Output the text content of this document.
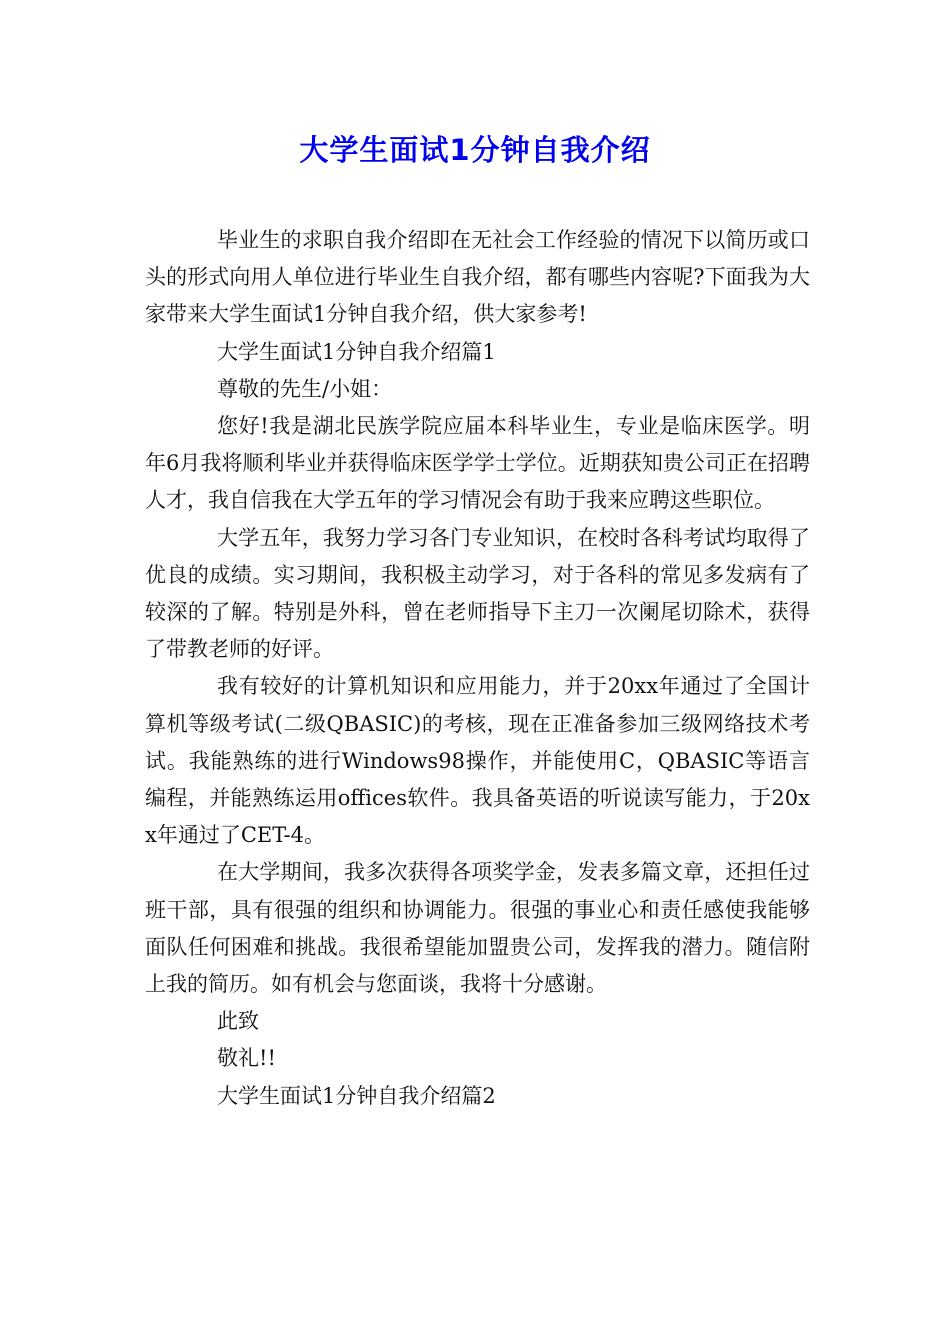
大学生面试1分钟自我介绍

毕业生的求职自我介绍即在无社会工作经验的情况下以简历或口头的形式向用人单位进行毕业生自我介绍，都有哪些内容呢?下面我为大家带来大学生面试1分钟自我介绍，供大家参考!

大学生面试1分钟自我介绍篇1

尊敬的先生/小姐：

您好!我是湖北民族学院应届本科毕业生，专业是临床医学。明年6月我将顺利毕业并获得临床医学学士学位。近期获知贵公司正在招聘人才，我自信我在大学五年的学习情况会有助于我来应聘这些职位。

大学五年，我努力学习各门专业知识，在校时各科考试均取得了优良的成绩。实习期间，我积极主动学习，对于各科的常见多发病有了较深的了解。特别是外科，曾在老师指导下主刀一次阑尾切除术，获得了带教老师的好评。

我有较好的计算机知识和应用能力，并于20xx年通过了全国计算机等级考试(二级QBASIC)的考核，现在正准备参加三级网络技术考试。我能熟练的进行Windows98操作，并能使用C，QBASIC等语言编程，并能熟练运用offices软件。我具备英语的听说读写能力，于20xx年通过了CET-4。

在大学期间，我多次获得各项奖学金，发表多篇文章，还担任过班干部，具有很强的组织和协调能力。很强的事业心和责任感使我能够面队任何困难和挑战。我很希望能加盟贵公司，发挥我的潜力。随信附上我的简历。如有机会与您面谈，我将十分感谢。

此致

敬礼!!

大学生面试1分钟自我介绍篇2
